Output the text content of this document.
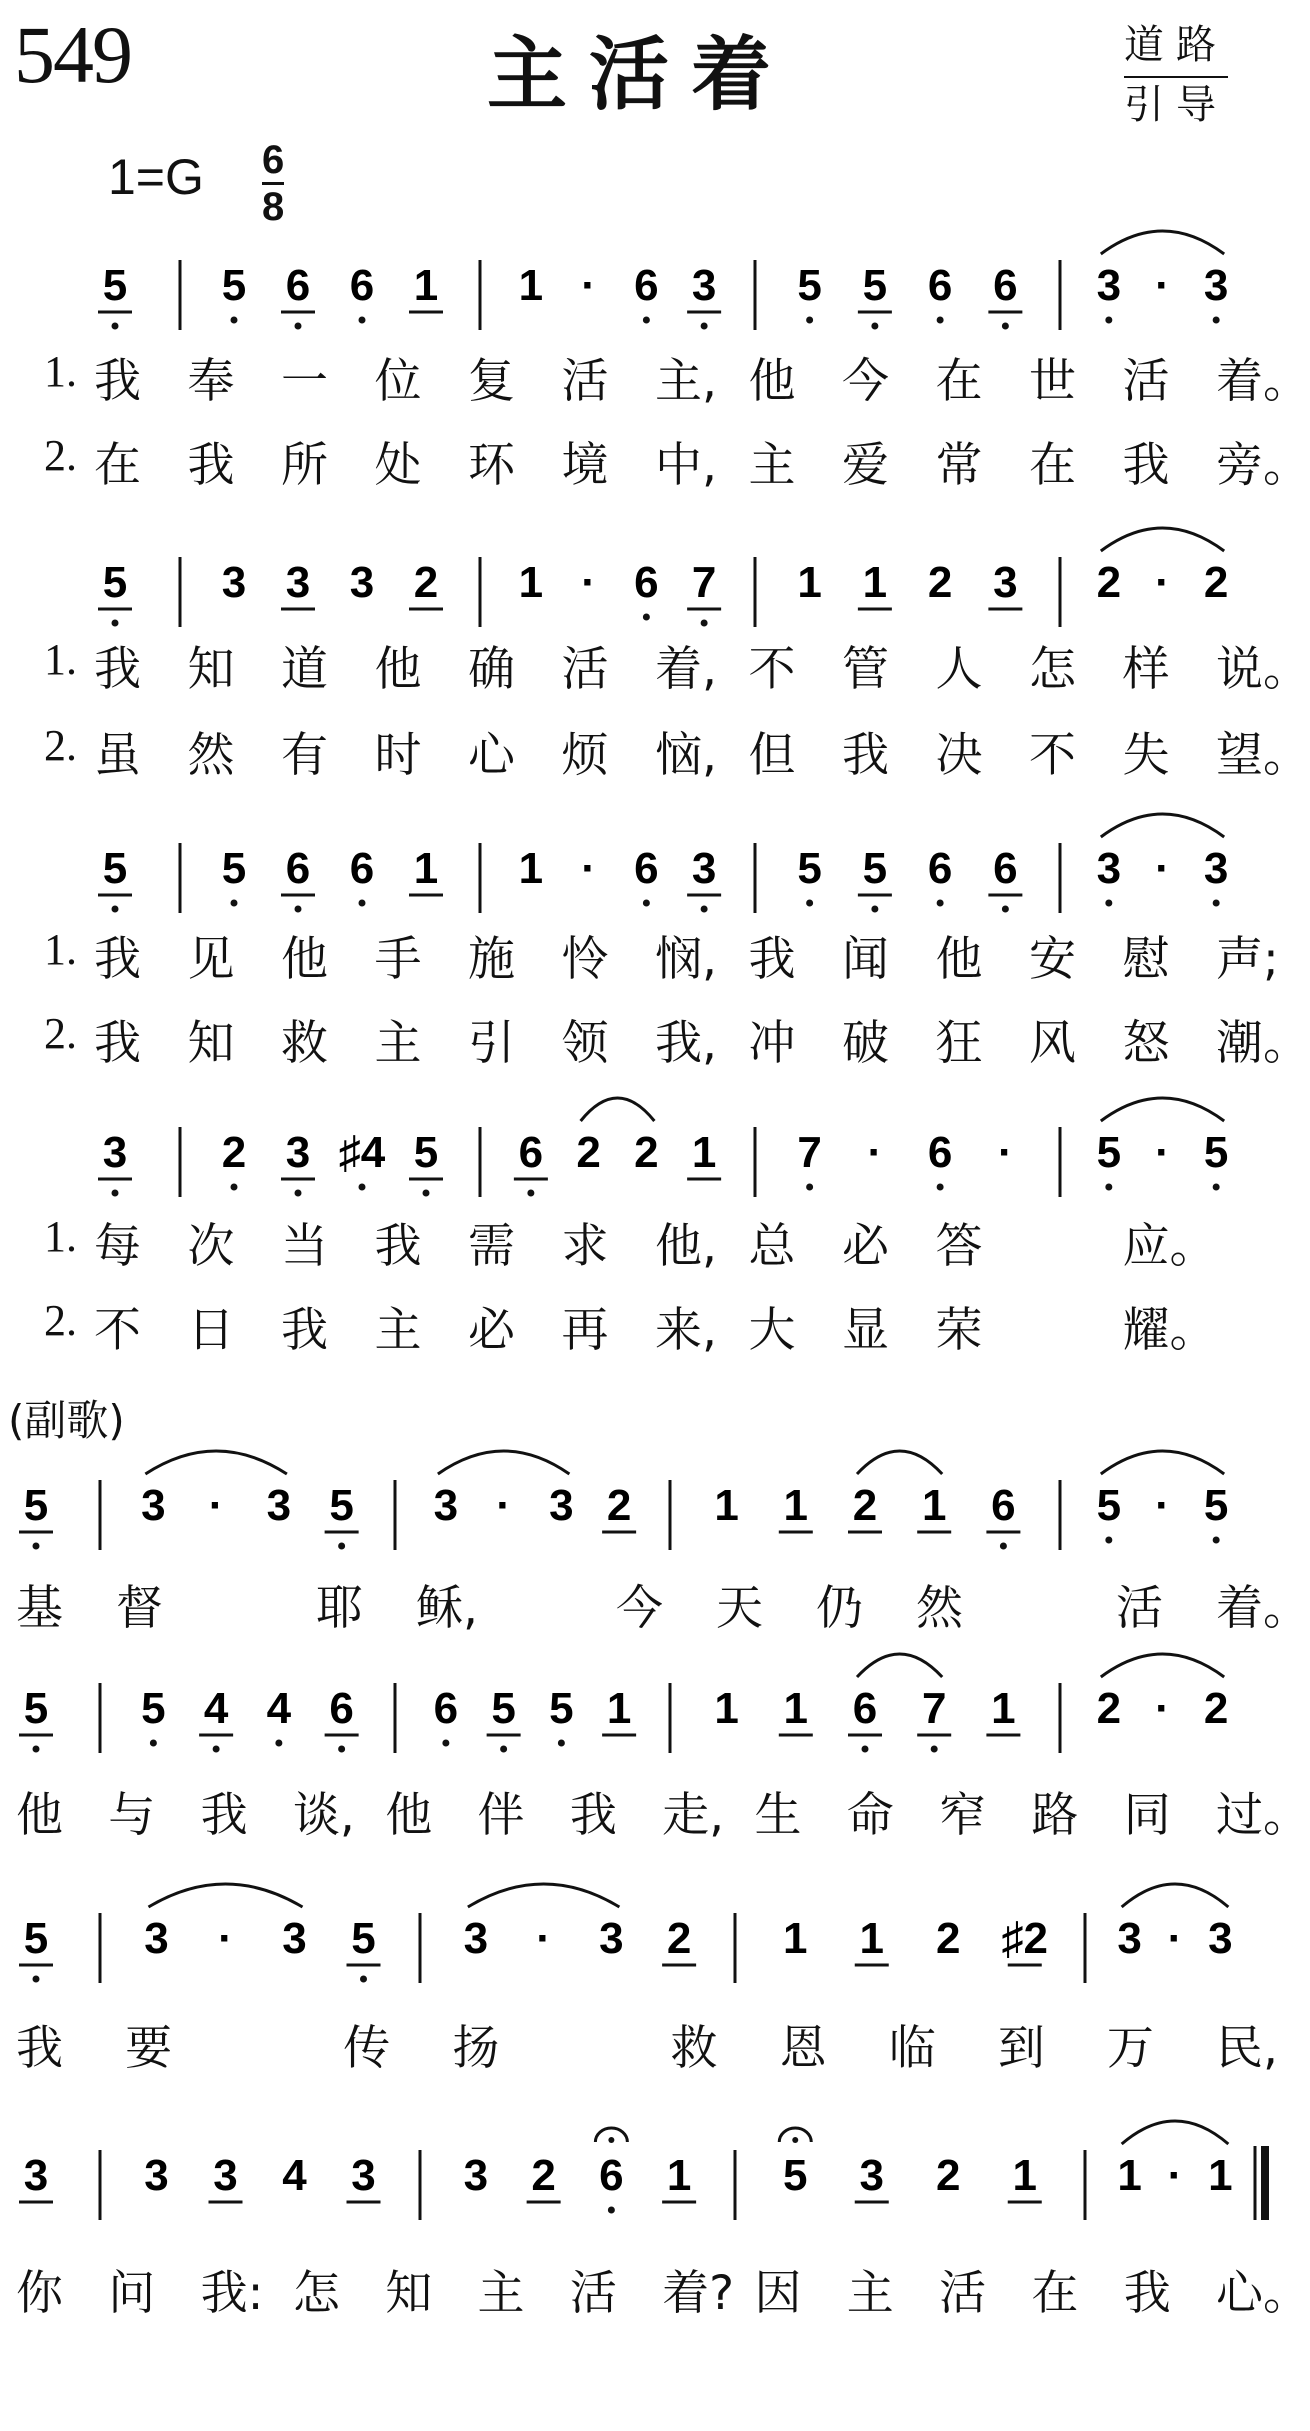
549	主活着	道路
引导
1=G 6
8
(副歌)
5 5 6 6 1 1 · 6 3 5 5 6 6 3 · 3
5 3 3 3 2 1 · 6 7 1 1 2 3 2 · 2
5 5 6 6 1 1 · 6 3 5 5 6 6 3 · 3
3 2 3 ♯4 5 6 2 2 1 7 · 6 · 5 · 5
5 3 · 3 5 3 · 3 2 1 1 2 1 6 5 · 5
5 5 4 4 6 6 5 5 1 1 1 6 7 1 2 · 2
5 3 · 3 5 3 · 3 2 1 1 2 ♯2 3 · 3
3 3 3 4 3 3 2 6 1 5 3 2 1 1 · 1
1. 我 奉 一 位 复 活 主, 他 今 在 世 活 着。
2. 在 我 所 处 环 境 中, 主 爱 常 在 我 旁。
1. 我 知 道 他 确 活 着, 不 管 人 怎 样 说。
2. 虽 然 有 时 心 烦 恼, 但 我 决 不 失 望。
1. 我 见 他 手 施 怜 悯, 我 闻 他 安 慰 声;
2. 我 知 救 主 引 领 我, 冲 破 狂 风 怒 潮。
1. 每 次 当 我 需 求 他, 总 必 答	应。
2. 不 日 我 主 必 再 来, 大 显 荣	耀。
基 督	耶 稣,	今 天 仍 然	活 着。
他 与 我 谈, 他 伴 我 走, 生 命 窄 路 同 过。
我 要	传 扬	救 恩 临 到 万 民,
你 问 我: 怎 知 主 活 着? 因 主 活 在 我 心。
